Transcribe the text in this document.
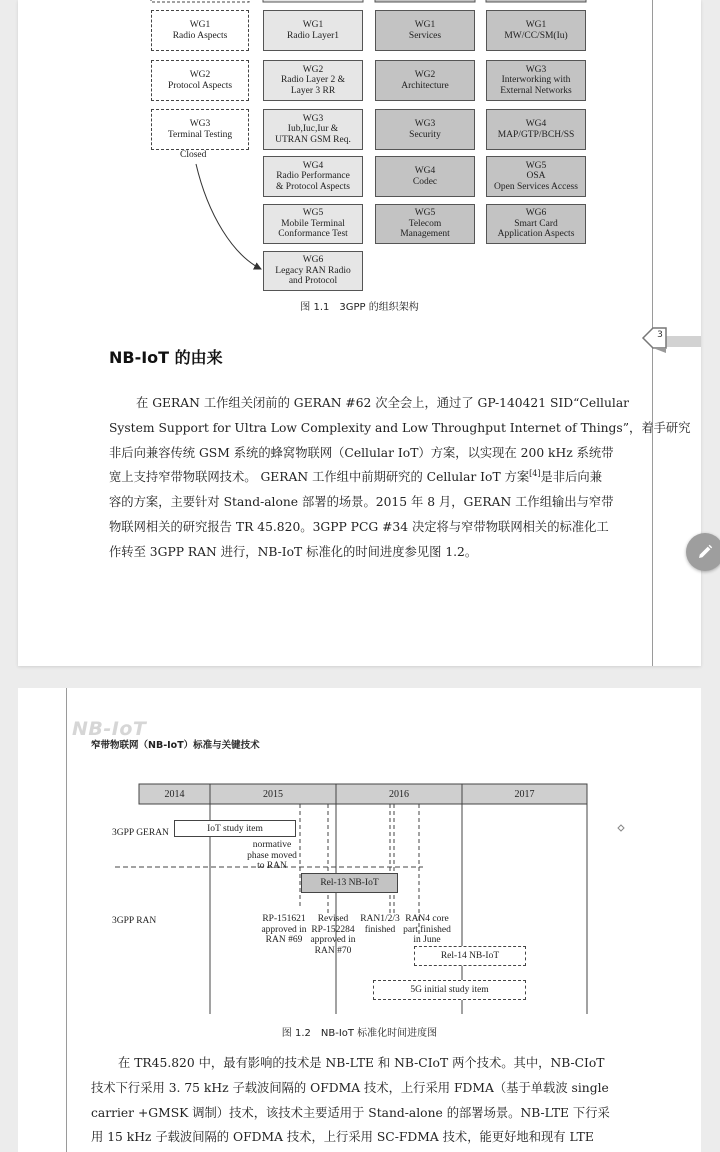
WG1
Radio Aspects
WG2
Protocol Aspects
WG3
Terminal Testing
Closed
WG1
Radio Layer1
WG2
Radio Layer 2 &
Layer 3 RR
WG3
Iub,Iuc,Iur &
UTRAN GSM Req.
WG4
Radio Performance
& Protocol Aspects
WG5
Mobile Terminal
Conformance Test
WG6
Legacy RAN Radio
and Protocol
WG1
Services
WG2
Architecture
WG3
Security
WG4
Codec
WG5
Telecom
Management
WG1
MW/CC/SM(Iu)
WG3
Interworking with
External Networks
WG4
MAP/GTP/BCH/SS
WG5
OSA
Open Services Access
WG6
Smart Card
Application Aspects
图 1.1　3GPP 的组织架构
NB-IoT 的由来
在 GERAN 工作组关闭前的 GERAN #62 次全会上，通过了 GP-140421 SID“Cellular
System Support for Ultra Low Complexity and Low Throughput Internet of Things”，着手研究
非后向兼容传统 GSM 系统的蜂窝物联网（Cellular IoT）方案，以实现在 200 kHz 系统带
宽上支持窄带物联网技术。 GERAN 工作组中前期研究的 Cellular IoT 方案[4]是非后向兼
容的方案，主要针对 Stand-alone 部署的场景。2015 年 8 月，GERAN 工作组输出与窄带
物联网相关的研究报告 TR 45.820。3GPP PCG #34 决定将与窄带物联网相关的标准化工
作转至 3GPP RAN 进行，NB-IoT 标准化的时间进度参见图 1.2。
3
NB-IoT
窄带物联网（NB-IoT）标准与关键技术
2014	2015	2016	2017
3GPP GERAN
3GPP RAN
IoT study item
normative
phase moved
to RAN
Rel-13 NB-IoT
RP-151621
approved in
RAN #69
Revised
RP-152284
approved in
RAN #70
RAN1/2/3
finished
RAN4 core
part finished
in June
Rel-14 NB-IoT
5G initial study item
图 1.2　NB-IoT 标准化时间进度图
在 TR45.820 中，最有影响的技术是 NB-LTE 和 NB-CIoT 两个技术。其中，NB-CIoT
技术下行采用 3. 75 kHz 子载波间隔的 OFDMA 技术，上行采用 FDMA（基于单载波 single
carrier +GMSK 调制）技术，该技术主要适用于 Stand-alone 的部署场景。NB-LTE 下行采
用 15 kHz 子载波间隔的 OFDMA 技术，上行采用 SC-FDMA 技术，能更好地和现有 LTE
